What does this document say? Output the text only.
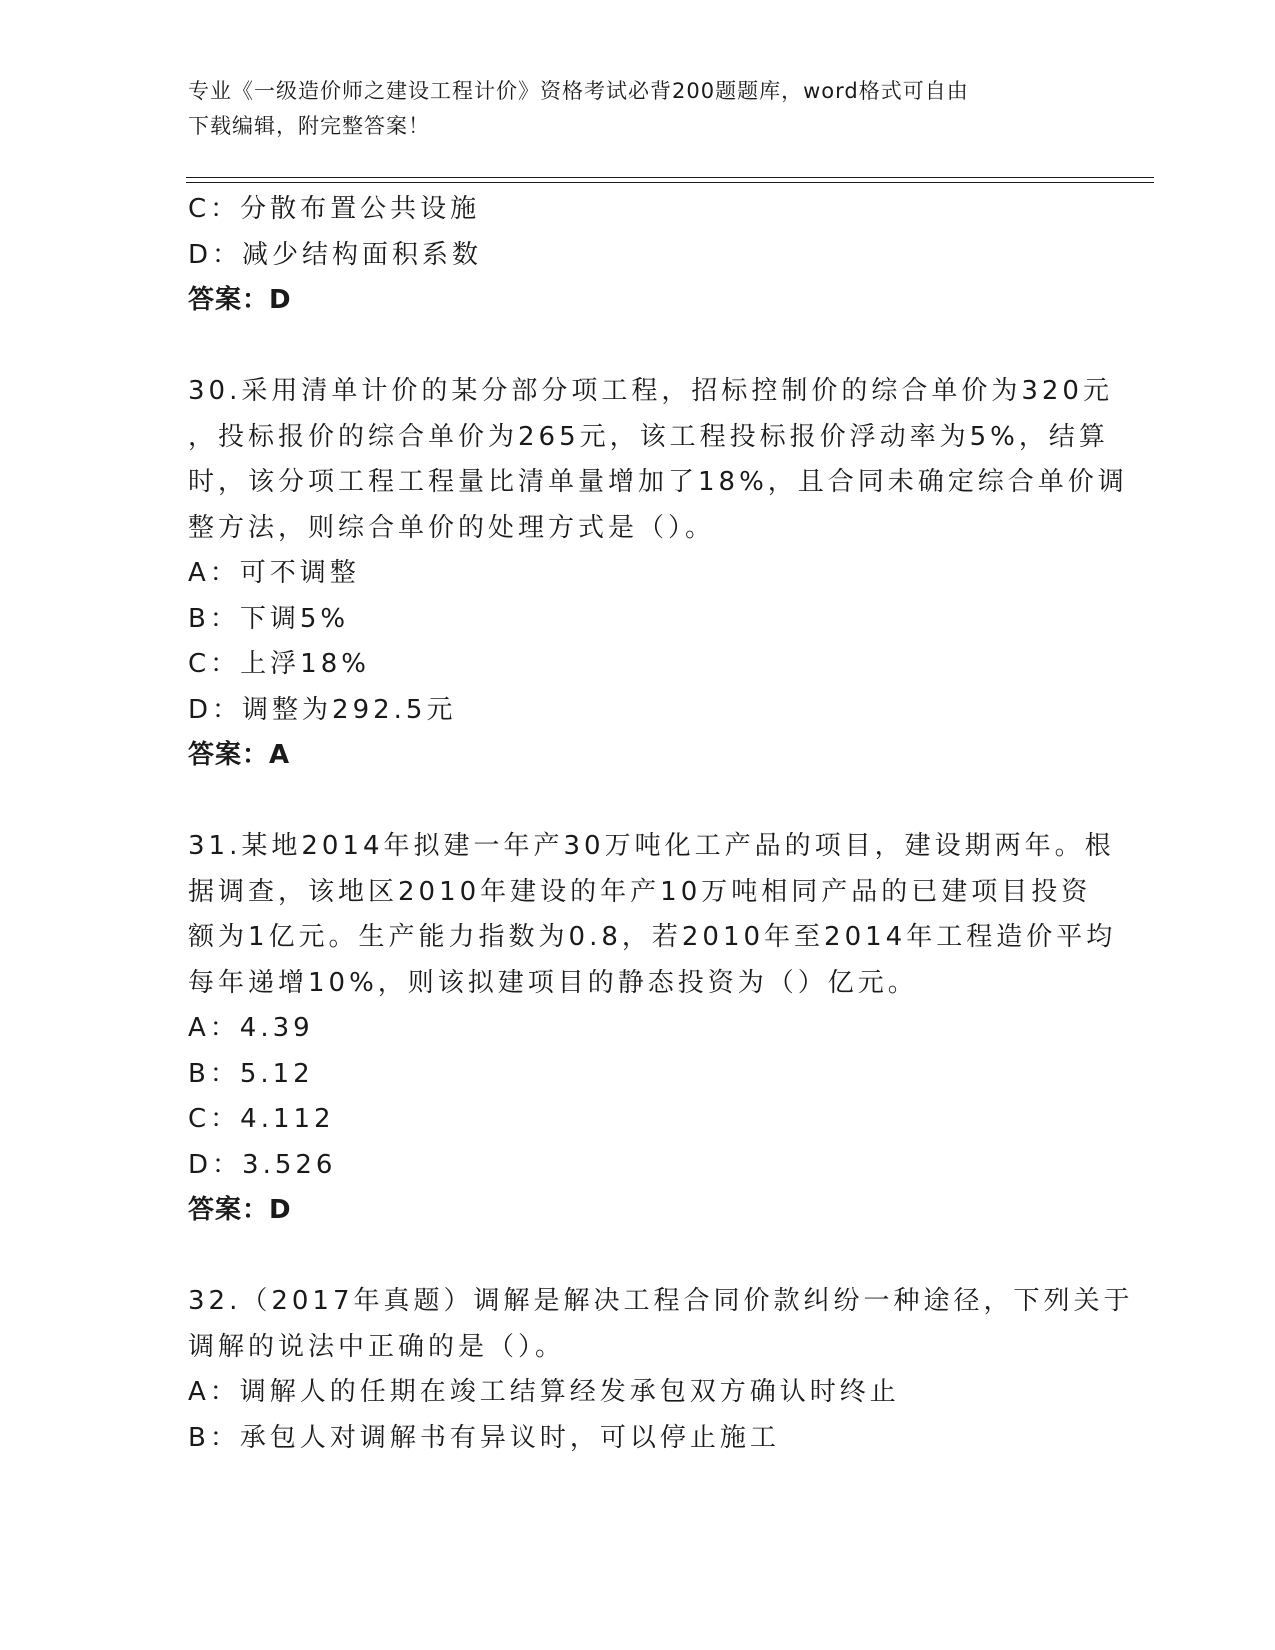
专业《一级造价师之建设工程计价》资格考试必背200题题库，word格式可自由
下载编辑，附完整答案！
C：分散布置公共设施
D：减少结构面积系数
答案：D
30.采用清单计价的某分部分项工程，招标控制价的综合单价为320元
，投标报价的综合单价为265元，该工程投标报价浮动率为5%，结算
时，该分项工程工程量比清单量增加了18%，且合同未确定综合单价调
整方法，则综合单价的处理方式是（）。
A：可不调整
B：下调5%
C：上浮18%
D：调整为292.5元
答案：A
31.某地2014年拟建一年产30万吨化工产品的项目，建设期两年。根
据调查，该地区2010年建设的年产10万吨相同产品的已建项目投资
额为1亿元。生产能力指数为0.8，若2010年至2014年工程造价平均
每年递增10%，则该拟建项目的静态投资为（）亿元。
A：4.39
B：5.12
C：4.112
D：3.526
答案：D
32.（2017年真题）调解是解决工程合同价款纠纷一种途径，下列关于
调解的说法中正确的是（）。
A：调解人的任期在竣工结算经发承包双方确认时终止
B：承包人对调解书有异议时，可以停止施工
